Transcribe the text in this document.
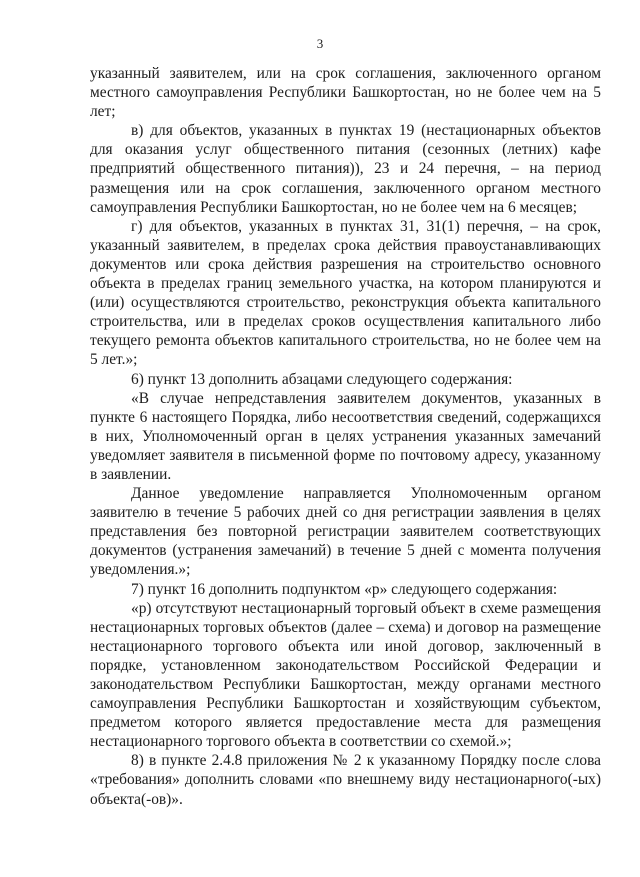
3

указанный заявителем, или на срок соглашения, заключенного органом местного самоуправления Республики Башкортостан, но не более чем на 5 лет;

в) для объектов, указанных в пунктах 19 (нестационарных объектов для оказания услуг общественного питания (сезонных (летних) кафе предприятий общественного питания)), 23 и 24 перечня, – на период размещения или на срок соглашения, заключенного органом местного самоуправления Республики Башкортостан, но не более чем на 6 месяцев;

г) для объектов, указанных в пунктах 31, 31(1) перечня, – на срок, указанный заявителем, в пределах срока действия правоустанавливающих документов или срока действия разрешения на строительство основного объекта в пределах границ земельного участка, на котором планируются и (или) осуществляются строительство, реконструкция объекта капитального строительства, или в пределах сроков осуществления капитального либо текущего ремонта объектов капитального строительства, но не более чем на 5 лет.»;

6) пункт 13 дополнить абзацами следующего содержания:

«В случае непредставления заявителем документов, указанных в пункте 6 настоящего Порядка, либо несоответствия сведений, содержащихся в них, Уполномоченный орган в целях устранения указанных замечаний уведомляет заявителя в письменной форме по почтовому адресу, указанному в заявлении.

Данное уведомление направляется Уполномоченным органом заявителю в течение 5 рабочих дней со дня регистрации заявления в целях представления без повторной регистрации заявителем соответствующих документов (устранения замечаний) в течение 5 дней с момента получения уведомления.»;

7) пункт 16 дополнить подпунктом «р» следующего содержания:

«р) отсутствуют нестационарный торговый объект в схеме размещения нестационарных торговых объектов (далее – схема) и договор на размещение нестационарного торгового объекта или иной договор, заключенный в порядке, установленном законодательством Российской Федерации и законодательством Республики Башкортостан, между органами местного самоуправления Республики Башкортостан и хозяйствующим субъектом, предметом которого является предоставление места для размещения нестационарного торгового объекта в соответствии со схемой.»;

8) в пункте 2.4.8 приложения № 2 к указанному Порядку после слова «требования» дополнить словами «по внешнему виду нестационарного(-ых) объекта(-ов)».
